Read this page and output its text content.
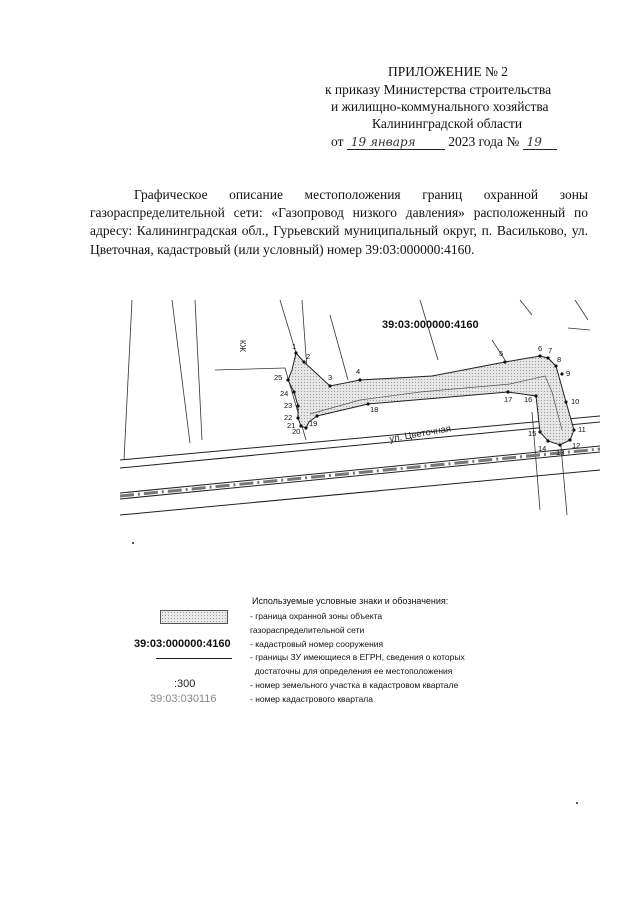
ПРИЛОЖЕНИЕ № 2
к приказу Министерства строительства
и жилищно-коммунального хозяйства
Калининградской области
от 19 января 2023 года № 19
Графическое описание местоположения границ охранной зоны газораспределительной сети: «Газопровод низкого давления» расположенный по адресу: Калининградская обл., Гурьевский муниципальный округ, п. Васильково, ул. Цветочная, кадастровый (или условный) номер 39:03:000000:4160.
КЖ
39:03:000000:4160
ул. Цветочная
1
2
3
4
5
6 7
8
9
10
11
12
13
14
15
16
17
18
19
20
21
22
23
24
25
Используемые условные знаки и обозначения:
39:03:000000:4160
:300
39:03:030116
- граница охранной зоны объекта
газораспределительной сети
- кадастровый номер сооружения
- границы ЗУ имеющиеся в ЕГРН, сведения о которых
достаточны для определения ее местоположения
- номер земельного участка в кадастровом квартале
- номер кадастрового квартала
